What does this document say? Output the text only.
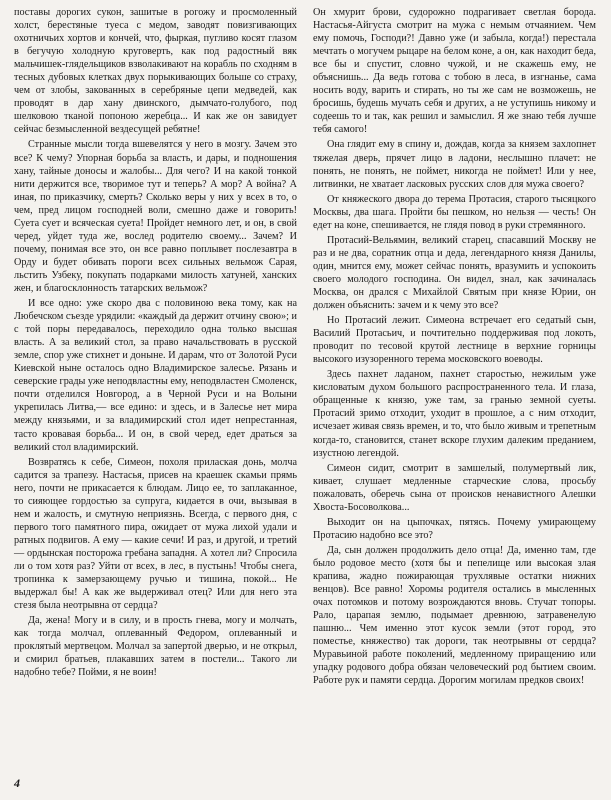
поставы дорогих сукон, зашитые в рогожу и просмоленный холст, берестяные туеса с медом, заводят повизгивающих охотничьих хортов и кончей, что, фыркая, пугливо косят глазом в бегучую холодную круговерть, как под радостный вяк мальчишек-глядельщиков взволакивают на корабль по сходням в тесных дубовых клетках двух порыкивающих больше со страху, чем от злобы, закованных в серебряные цепи медведей, как проводят в дар хану двинского, дымчато-голубого, под шелковою тканой попоною жеребца... И как же он завидует сейчас безмысленной вездесущей ребятне!

Странные мысли тогда вшевелятся у него в мозгу. Зачем это все? К чему? Упорная борьба за власть, и дары, и подношения хану, тайные доносы и жалобы... Для чего? И на какой тонкой нити держится все, творимое тут и теперь? А мор? А война? А иная, по приказчику, смерть? Сколько веры у них у всех в то, о чем, пред лицом господней воли, смешно даже и говорить! Суета сует и всяческая суета! Пройдет немного лет, и он, в свой черед, уйдет туда же, вослед родителю своему... Зачем? И почему, понимая все это, он все равно поплывет послезавтра в Орду и будет обивать пороги всех сильных вельмож Сарая, льстить Узбеку, покупать подарками милость хатуней, ханских жен, и благосклонность татарских вельмож?

И все одно: уже скоро два с половиною века тому, как на Любечском съезде урядили: «каждый да держит отчину свою»; и с той поры передавалось, переходило одна только высшая власть. А за великий стол, за право начальствовать в русской земле, спор уже стихнет и доныне. И дарам, что от Золотой Руси Киевской ныне осталось одно Владимирское залесье. Рязань и северские грады уже неподвластны ему, неподвластен Смоленск, почти отделился Новгород, а в Черной Руси и на Волыни укрепилась Литва,— все едино: и здесь, и в Залесье нет мира между князьями, и за владимирский стол идет непрестанная, тасто кровавая борьба... И он, в свой черед, едет драться за великий стол владимирский.

Возвратясь к себе, Симеон, похоля прилаская донь, молча садится за трапезу. Настасья, присев на краешек скамьи прямь него, почти не прикасается к блюдам. Лицо ее, то заплаканное, то сияющее гордостью за супруга, кидается в очи, вызывая в нем и жалость, и смутную неприязнь. Всегда, с первого дня, с первого того памятного пира, ожидает от мужа лихой удали и ратных подвигов. А ему — какие сечи! И раз, и другой, и третий — ордынская посторожа гребана западня. А хотел ли? Спросила ли о том хотя раз? Уйти от всех, в лес, в пустынь! Чтобы снега, тропинка к замерзающему ручью и тишина, покой... Не выдержал бы! А как же выдерживал отец? Или для него эта стезя была неотрывна от сердца?

Да, жена! Могу и в силу, и в прость гнева, могу и молчать, как тогда молчал, оплеванный Федором, оплеванный и проклятый мертвецом. Молчал за запертой дверью, и не открыл, и смирил братьев, плакавших затем в постели... Такого ли надобно тебе? Пойми, я не воин!

Он хмурит брови, судорожно подрагивает светлая борода. Настасья-Айгуста смотрит на мужа с немым отчаянием. Чем ему помочь, Господи?! Давно уже (и забыла, когда!) перестала мечтать о могучем рыцаре на белом коне, а он, как находит беда, все бы и спустит, словно чужой, и не скажешь ему, не объяснишь... Да ведь готова с тобою в леса, в изгнанье, сама носить воду, варить и стирать, но ты же сам не возможешь, не бросишь, будешь мучать себя и других, а не уступишь никому и содеешь то и так, как решил и замыслил. Я же знаю тебя лучше тебя самого!

Она глядит ему в спину и, дождав, когда за князем захлопнет тяжелая дверь, прячет лицо в ладони, неслышно плачет: не понять, не понять, не поймет, никогда не поймет! Или у нее, литвинки, не хватает ласковых русских слов для мужа своего?

От княжеского двора до терема Протасия, старого тысяцкого Москвы, два шага. Пройти бы пешком, но нельзя — честь! Он едет на коне, спешивается, не глядя повод в руки стремянного.

Протасий-Вельямин, великий старец, спасавший Москву не раз и не два, соратник отца и деда, легендарного князя Данилы, один, мнится ему, может сейчас понять, вразумить и успокоить своего молодого господина. Он видел, знал, как зачиналась Москва, он дрался с Михайлой Святым при князе Юрии, он должен объяснить: зачем и к чему это все?

Но Протасий лежит. Симеона встречает его седатый сын, Василий Протасьич, и почтительно поддерживая под локоть, проводит по тесовой крутой лестнице в верхние горницы высокого изузоренного терема московского воеводы.

Здесь пахнет ладаном, пахнет старостью, нежилым уже кисловатым духом большого распространенного тела. И глаза, обращенные к князю, уже там, за гранью земной суеты. Протасий зримо отходит, уходит в прошлое, а с ним отходит, исчезает живая связь времен, и то, что было живым и трепетным когда-то, становится, станет вскоре глухим далеким преданием, изустною легендой.

Симеон сидит, смотрит в замшелый, полумертвый лик, кивает, слушает медленные старческие слова, просьбу пожаловать, оберечь сына от происков ненавистного Алешки Хвоста-Босоволкова...

Выходит он на цыпочках, пятясь. Почему умирающему Протасию надобно все это?

Да, сын должен продолжить дело отца! Да, именно там, где было родовое место (хотя бы и пепелище или высокая злая крапива, жадно пожирающая трухлявые остатки нижних венцов). Все равно! Хоромы родителя остались в мысленных очах потомков и потому возрождаются вновь. Стучат топоры. Рало, царапая землю, подымает древнюю, затравенелую пашню... Чем именно этот кусок земли (этот город, это поместье, княжество) так дороги, так неотрывны от сердца? Муравьиной работе поколений, медленному приращению или упадку родового добра обязан человеческий род бытием своим. Работе рук и памяти сердца. Дорогим могилам предков своих!

4
